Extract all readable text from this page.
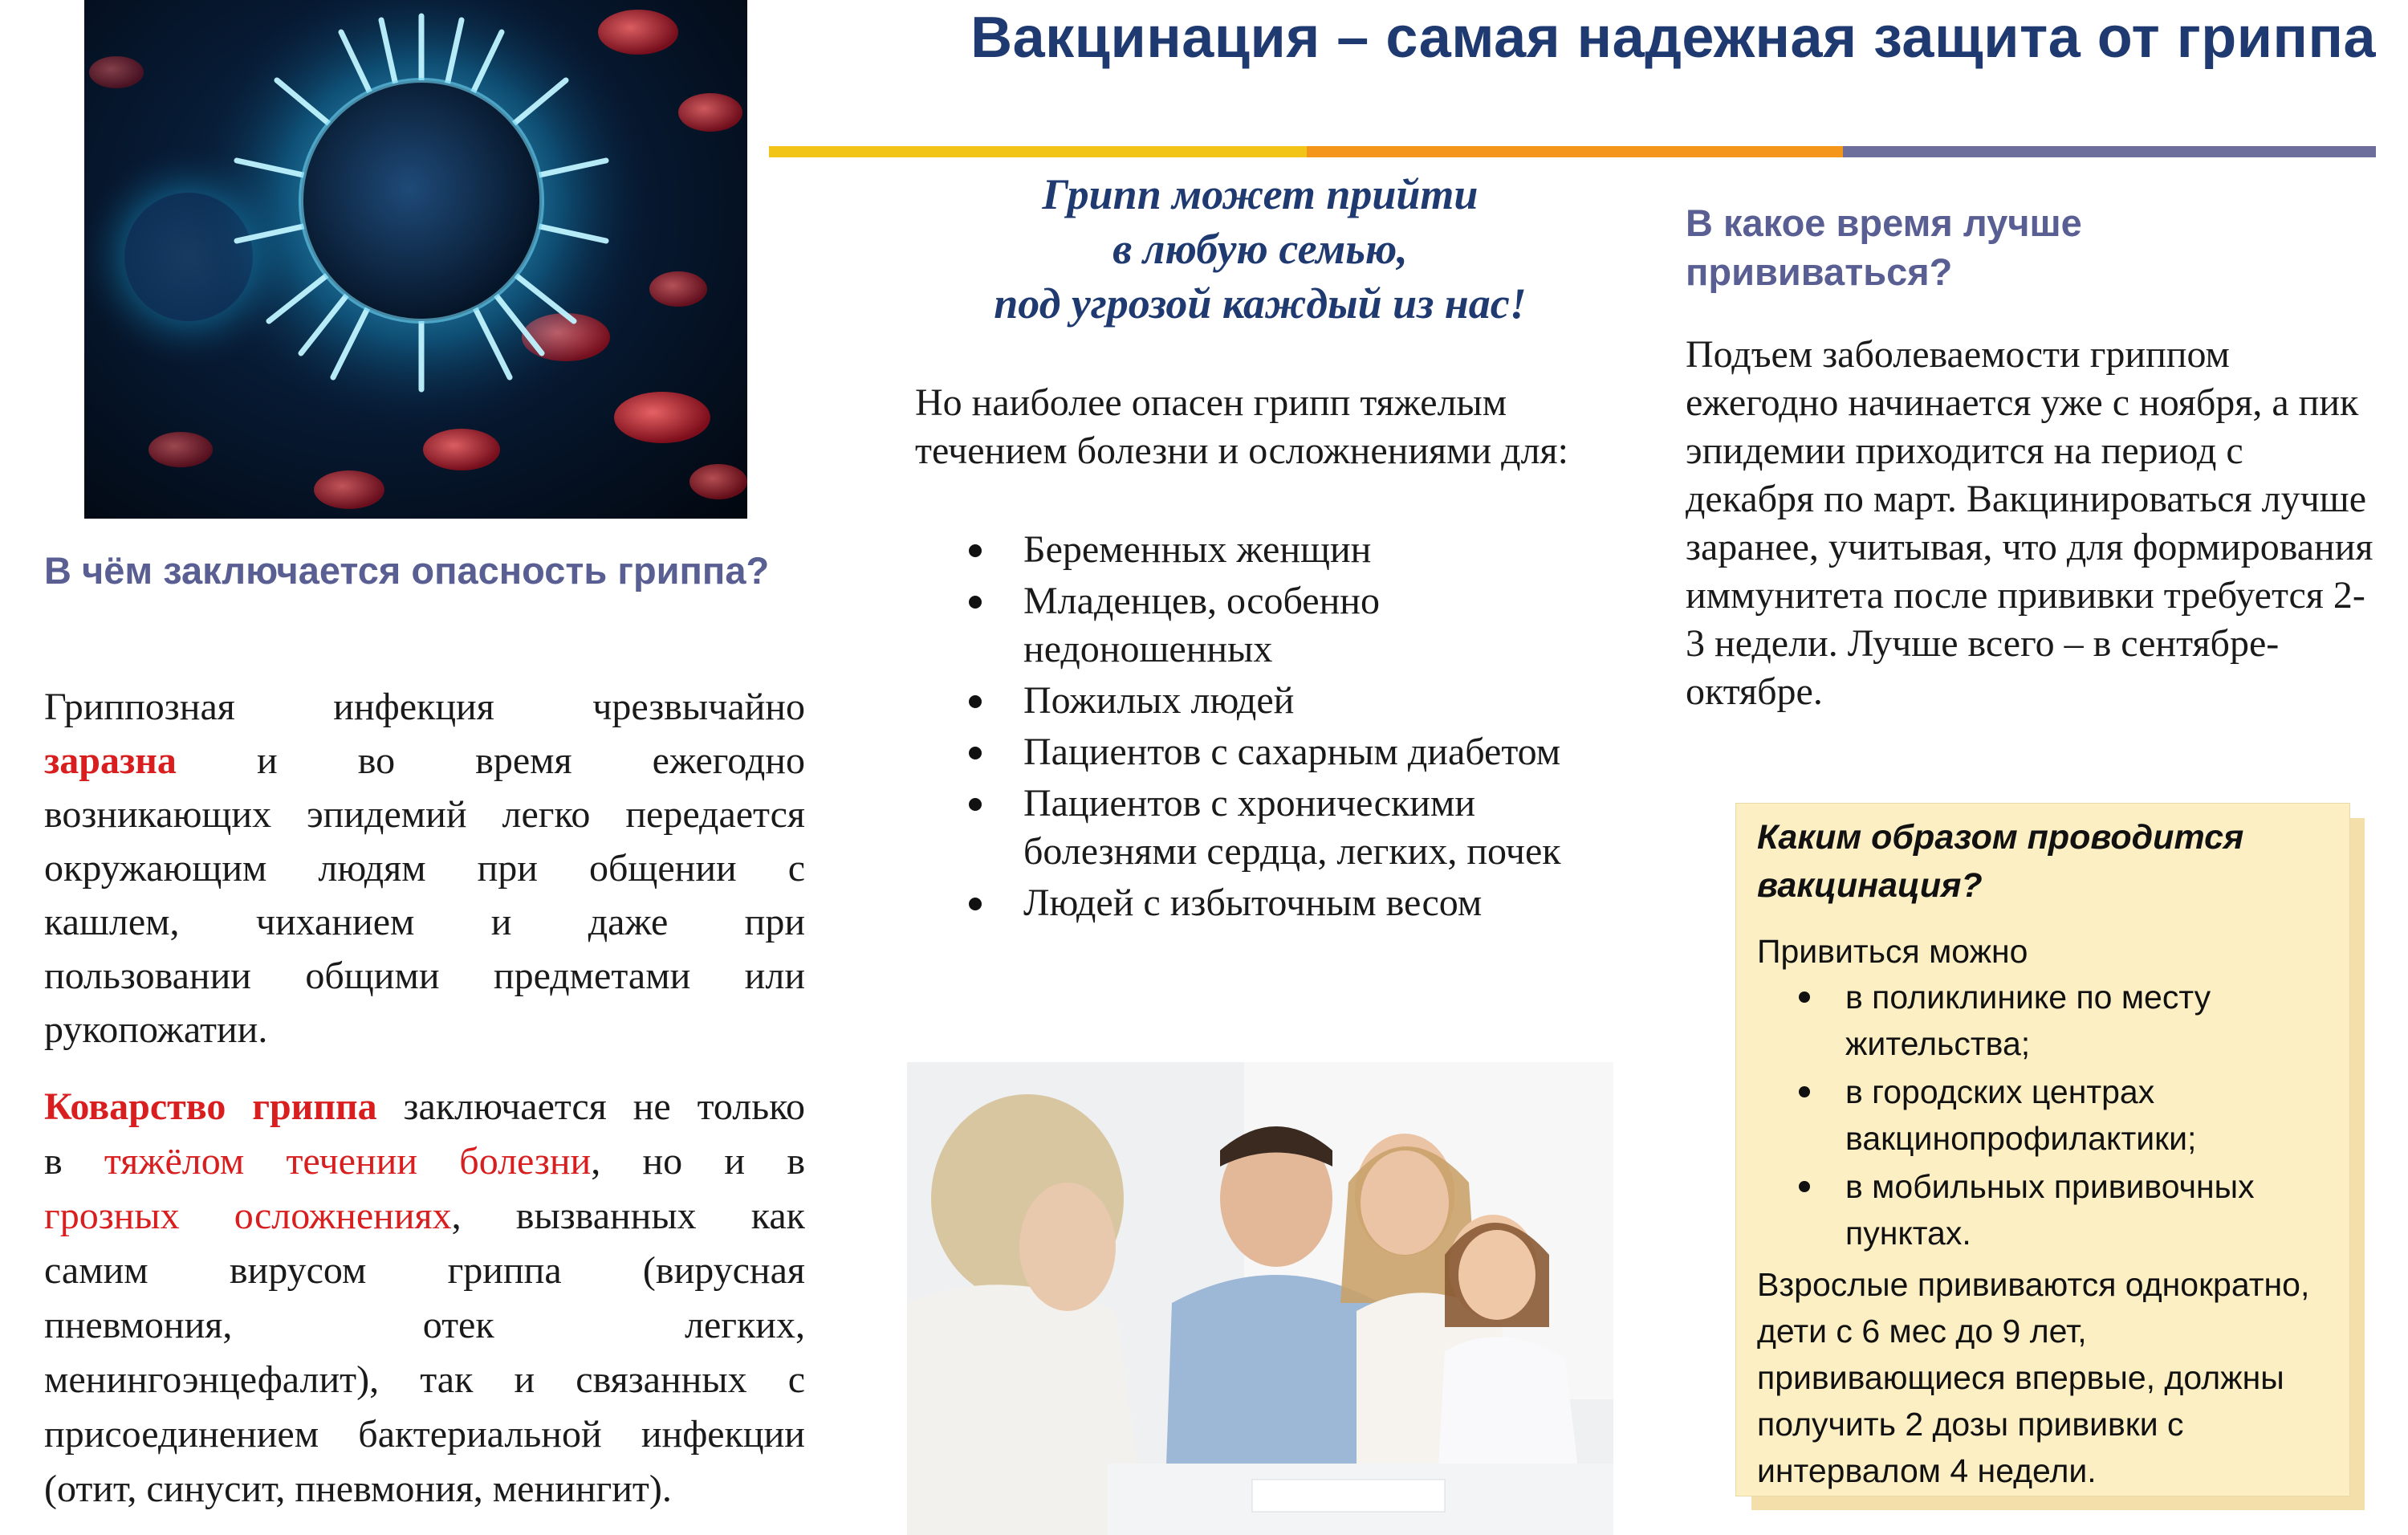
Вакцинация – самая надежная защита от гриппа
В чём заключается опасность гриппа?
Гриппозная инфекция чрезвычайно
заразна и во время ежегодно
возникающих эпидемий легко передается
окружающим людям при общении с
кашлем, чиханием и даже при
пользовании общими предметами или
рукопожатии.
Коварство гриппа заключается не только
в тяжёлом течении болезни, но и в
грозных осложнениях, вызванных как
самим вирусом гриппа (вирусная
пневмония, отек легких,
менингоэнцефалит), так и связанных с
присоединением бактериальной инфекции
(отит, синусит, пневмония, менингит).
Грипп может прийти
в любую семью,
под угрозой каждый из нас!
Но наиболее опасен грипп тяжелым течением болезни и осложнениями для:
Беременных женщин
Младенцев, особенно недоношенных
Пожилых людей
Пациентов с сахарным диабетом
Пациентов с хроническими болезнями сердца, легких, почек
Людей с избыточным весом
В какое время лучше прививаться?
Подъем заболеваемости гриппом ежегодно начинается уже с ноября, а пик эпидемии приходится на период с декабря по март. Вакцинироваться лучше заранее, учитывая, что для формирования иммунитета после прививки требуется 2-3 недели. Лучше всего – в сентябре-октябре.
Каким образом проводится вакцинация?
Привиться можно
в поликлинике по месту жительства;
в городских центрах вакцинопрофилактики;
в мобильных прививочных пунктах.
Взрослые прививаются однократно, дети с 6 мес до 9 лет, прививающиеся впервые, должны получить 2 дозы прививки с интервалом 4 недели.
